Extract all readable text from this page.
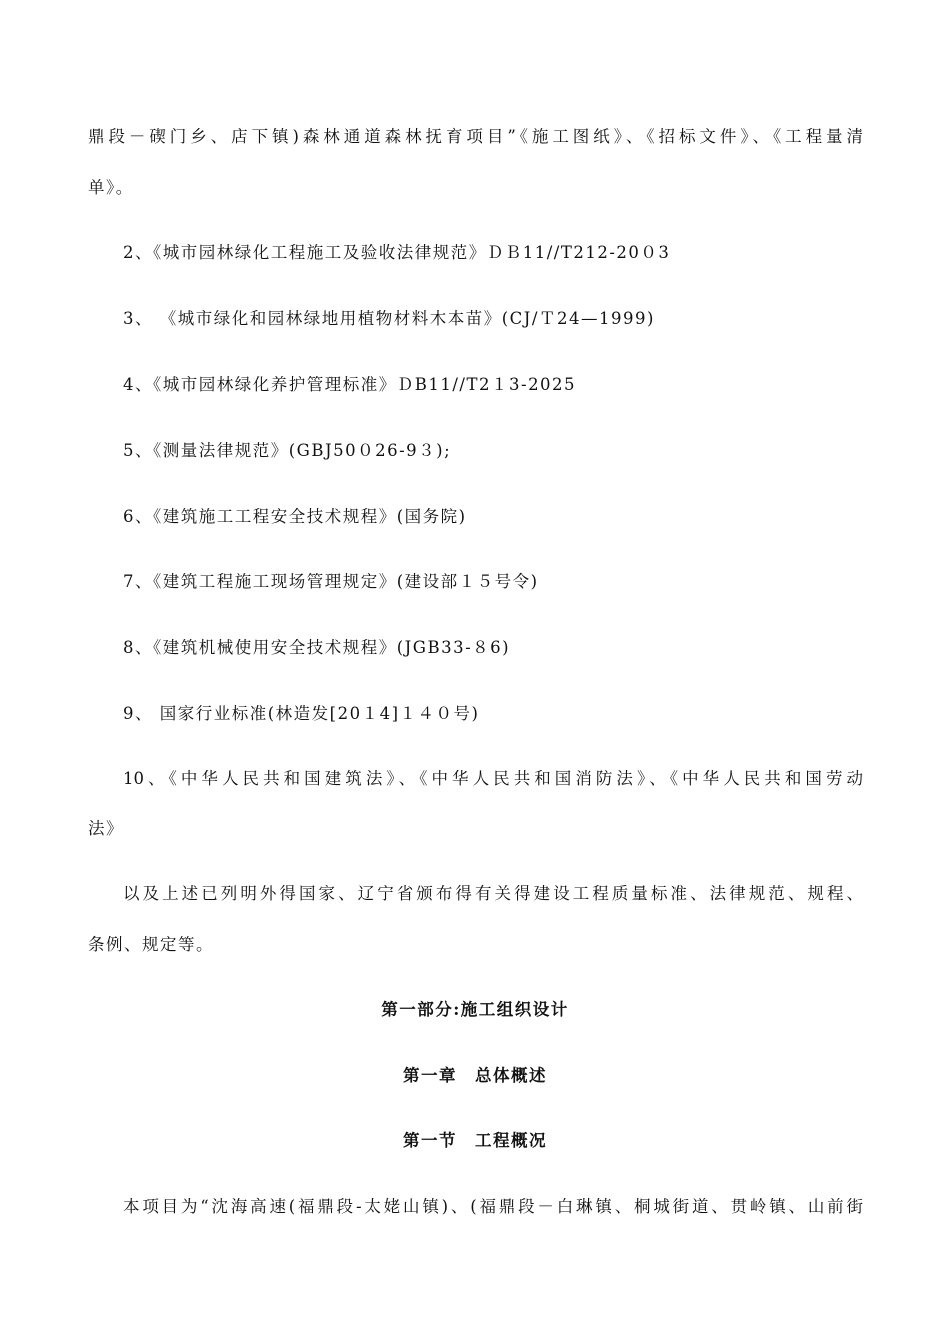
鼎段－碶门乡、店下镇)森林通道森林抚育项目”《施工图纸》、《招标文件》、《工程量清
单》。
2、《城市园林绿化工程施工及验收法律规范》ＤＢ11//T212-20０3
3、 《城市绿化和园林绿地用植物材料木本苗》(CJ/Ｔ24—1999)
4、《城市园林绿化养护管理标准》ＤB11//T2１3-2025
5、《测量法律规范》(GBJ50０26-9３);
6、《建筑施工工程安全技术规程》(国务院)
7、《建筑工程施工现场管理规定》(建设部１５号令)
8、《建筑机械使用安全技术规程》(JGB33-８6)
9、 国家行业标准(林造发[20１4]１４０号)
10、《中华人民共和国建筑法》、《中华人民共和国消防法》、《中华人民共和国劳动
法》
以及上述已列明外得国家、辽宁省颁布得有关得建设工程质量标准、法律规范、规程、
条例、规定等。
第一部分:施工组织设计
第一章　总体概述
第一节　工程概况
本项目为“沈海高速(福鼎段-太姥山镇)、(福鼎段－白琳镇、桐城街道、贯岭镇、山前街
